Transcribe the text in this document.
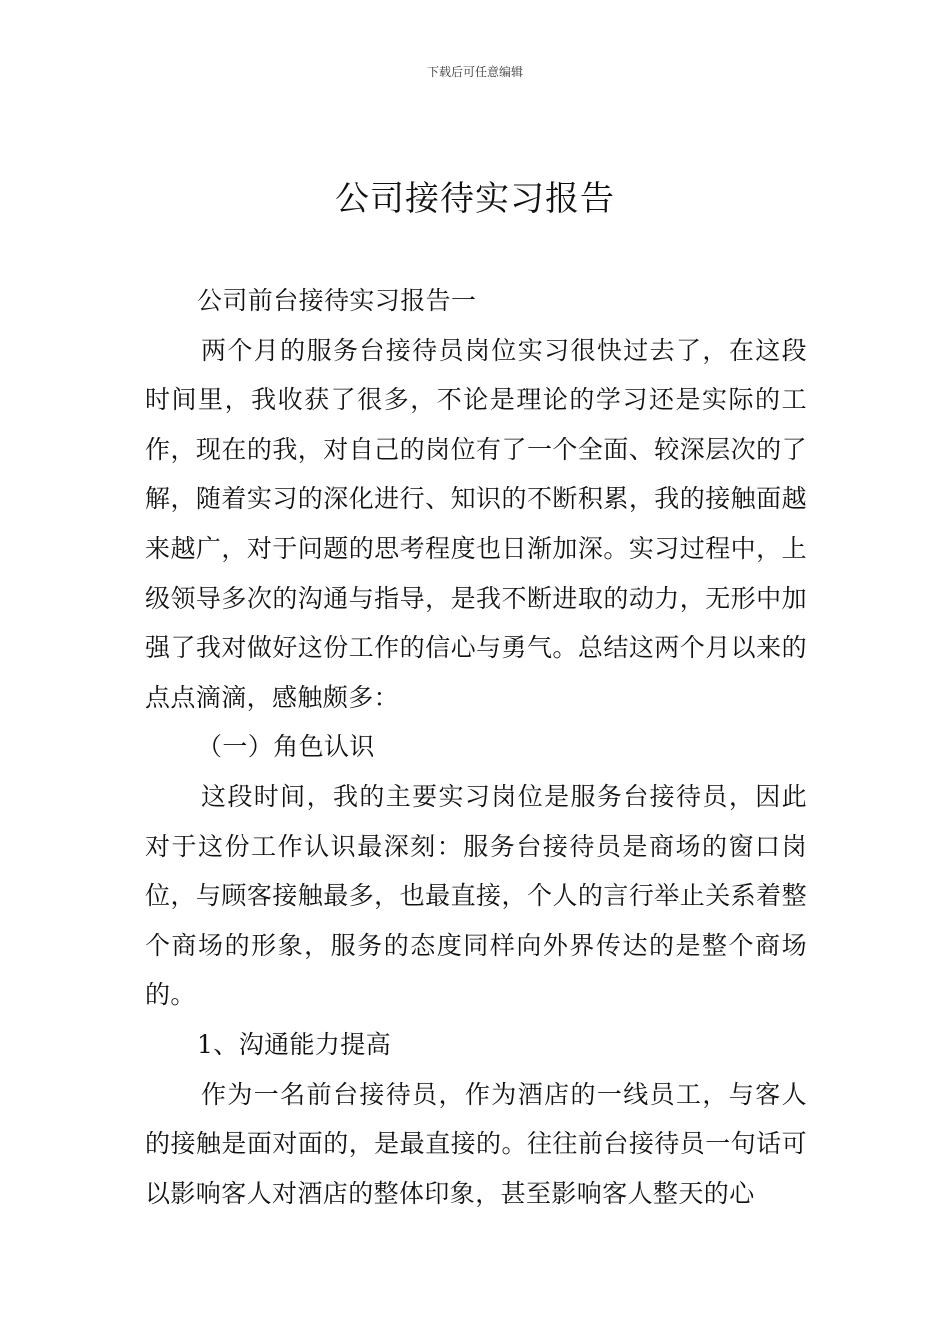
下载后可任意编辑
公司接待实习报告

公司前台接待实习报告一

两个月的服务台接待员岗位实习很快过去了，在这段时间里，我收获了很多，不论是理论的学习还是实际的工作，现在的我，对自己的岗位有了一个全面、较深层次的了解，随着实习的深化进行、知识的不断积累，我的接触面越来越广，对于问题的思考程度也日渐加深。实习过程中，上级领导多次的沟通与指导，是我不断进取的动力，无形中加强了我对做好这份工作的信心与勇气。总结这两个月以来的点点滴滴，感触颇多：

（一）角色认识

这段时间，我的主要实习岗位是服务台接待员，因此对于这份工作认识最深刻：服务台接待员是商场的窗口岗位，与顾客接触最多，也最直接，个人的言行举止关系着整个商场的形象，服务的态度同样向外界传达的是整个商场的。

1、沟通能力提高

作为一名前台接待员，作为酒店的一线员工，与客人的接触是面对面的，是最直接的。往往前台接待员一句话可以影响客人对酒店的整体印象，甚至影响客人整天的心
